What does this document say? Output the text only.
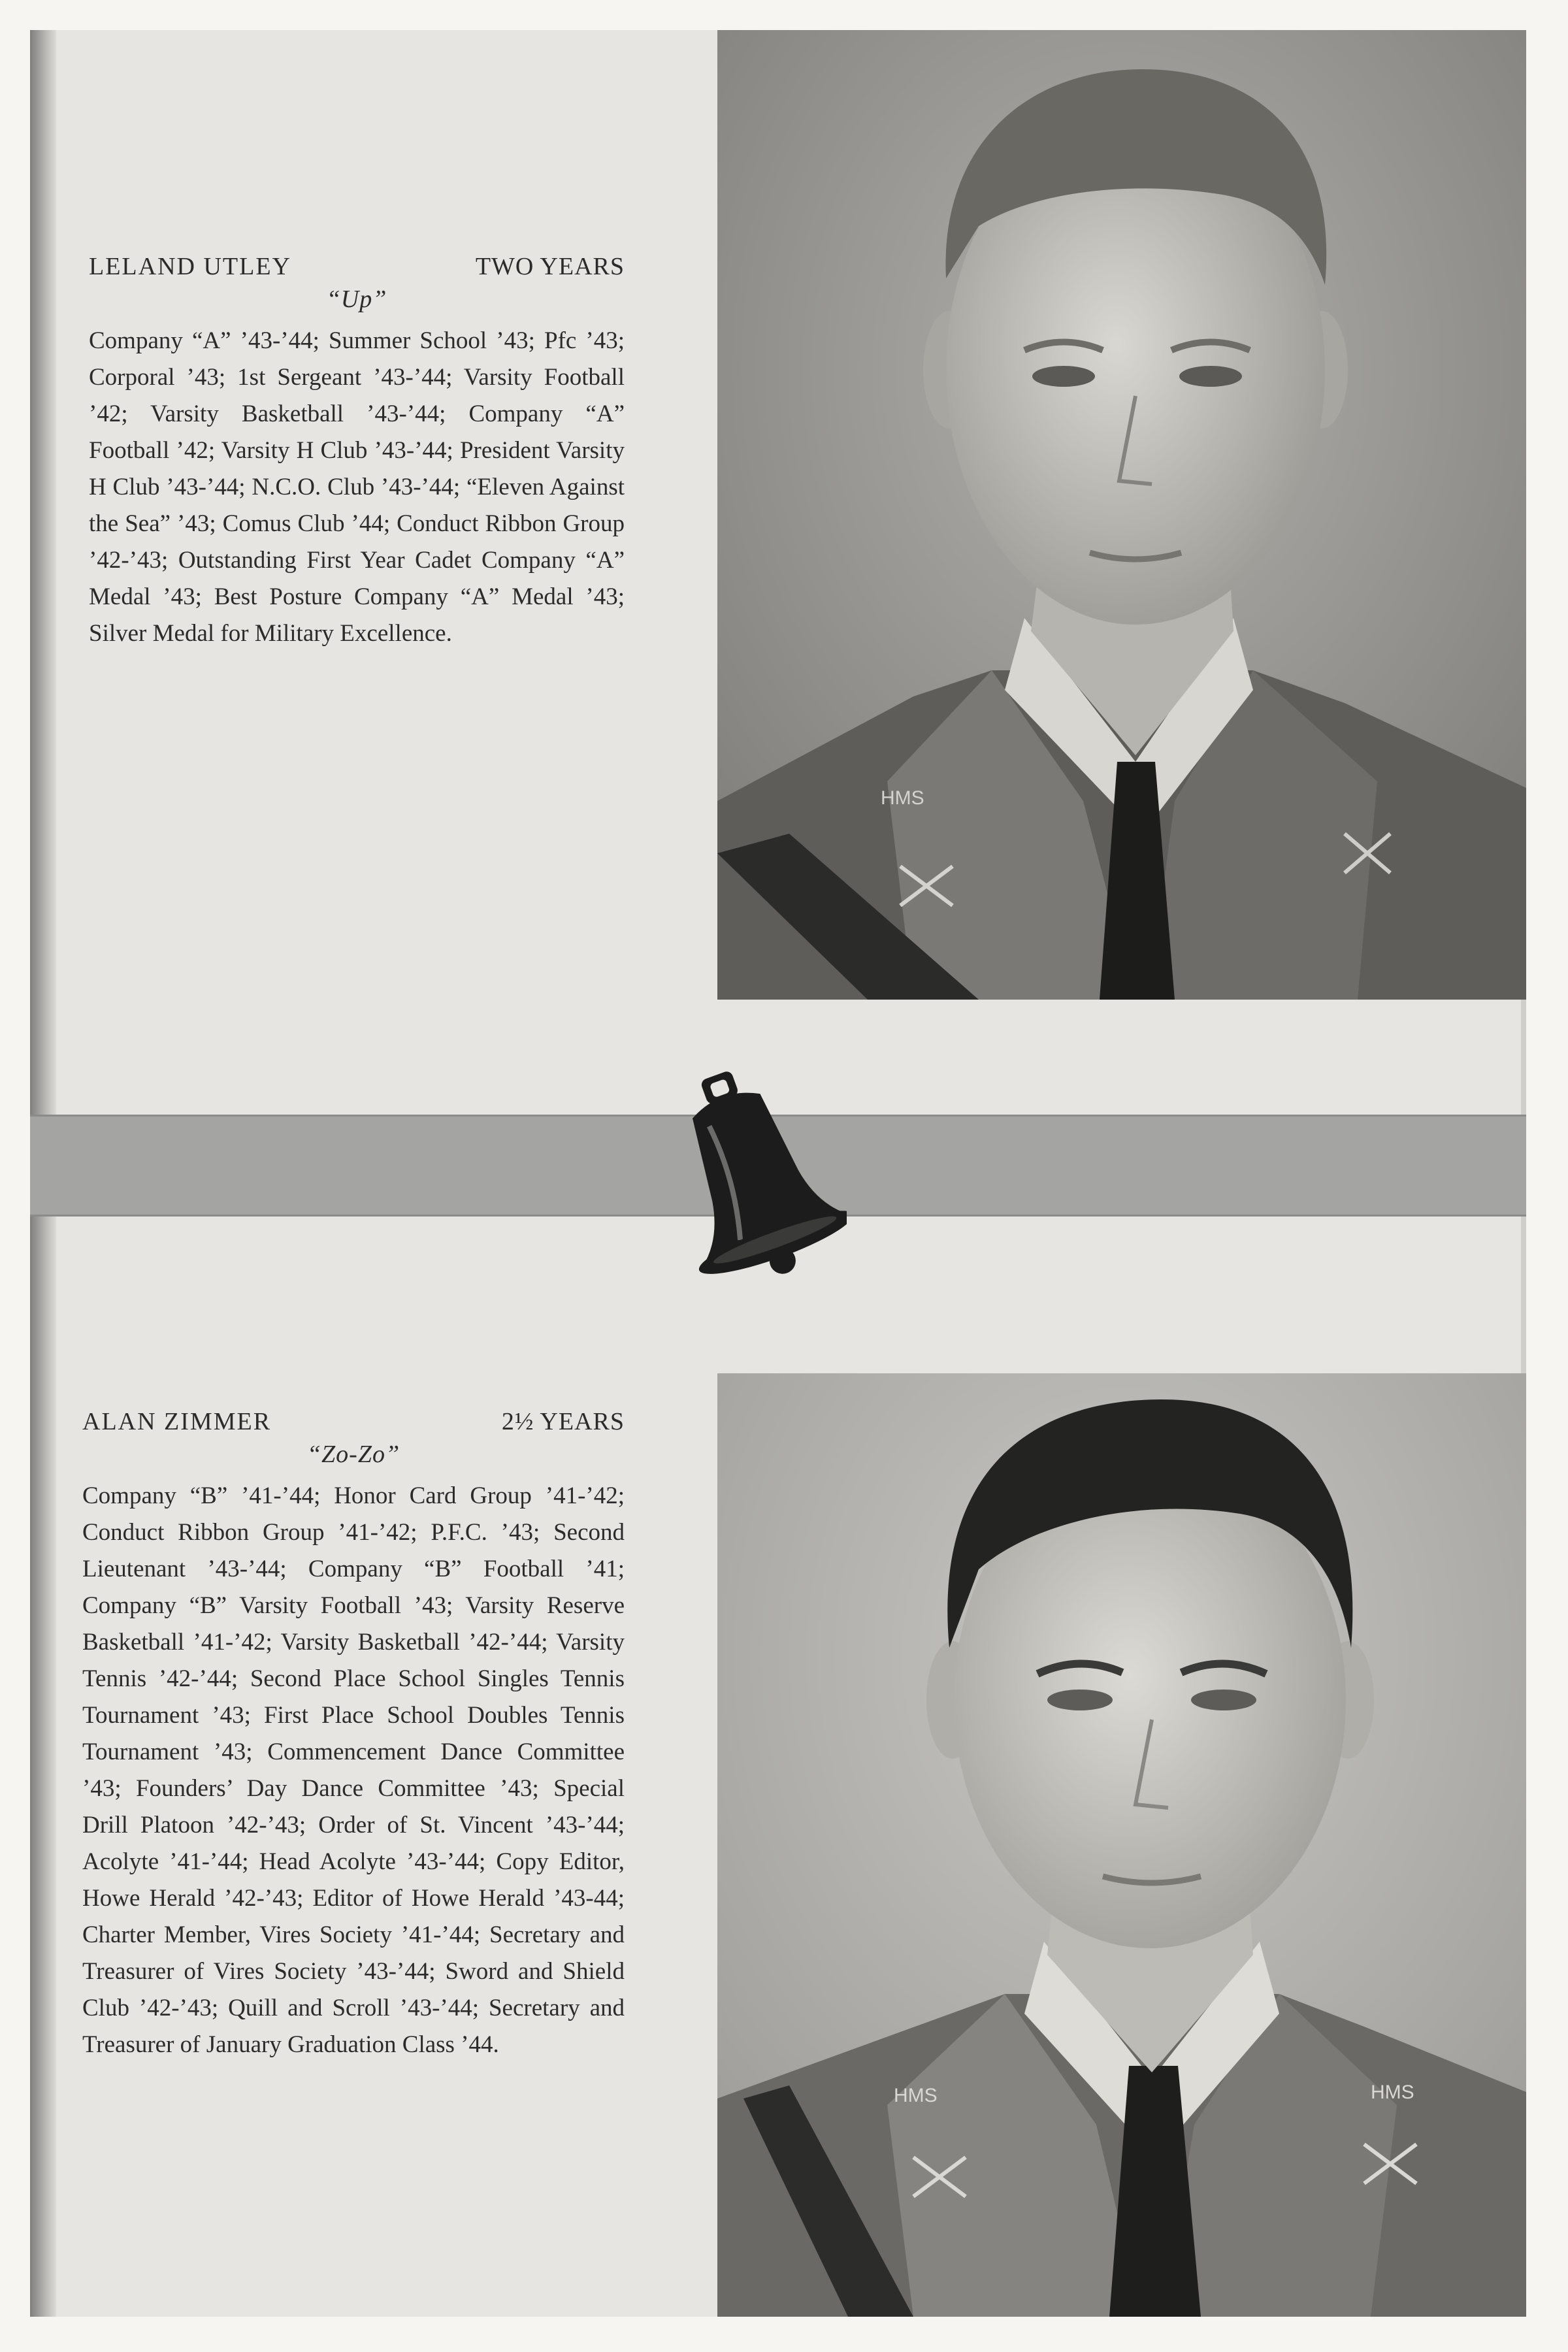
LELAND UTLEY	TWO YEARS
“Up”

Company “A” ’43-’44; Summer School ’43; Pfc ’43; Corporal ’43; 1st Sergeant ’43-’44; Varsity Football ’42; Varsity Basketball ’43-’44; Company “A” Football ’42; Varsity H Club ’43-’44; President Varsity H Club ’43-’44; N.C.O. Club ’43-’44; “Eleven Against the Sea” ’43; Comus Club ’44; Conduct Ribbon Group ’42-’43; Outstanding First Year Cadet Company “A” Medal ’43; Best Posture Company “A” Medal ’43; Silver Medal for Military Excellence.

HMS
ALAN ZIMMER	2½ YEARS
“Zo-Zo”

Company “B” ’41-’44; Honor Card Group ’41-’42; Conduct Ribbon Group ’41-’42; P.F.C. ’43; Second Lieutenant ’43-’44; Company “B” Football ’41; Company “B” Varsity Football ’43; Varsity Reserve Basketball ’41-’42; Varsity Basketball ’42-’44; Varsity Tennis ’42-’44; Second Place School Singles Tennis Tournament ’43; First Place School Doubles Tennis Tournament ’43; Commencement Dance Committee ’43; Founders’ Day Dance Committee ’43; Special Drill Platoon ’42-’43; Order of St. Vincent ’43-’44; Acolyte ’41-’44; Head Acolyte ’43-’44; Copy Editor, Howe Herald ’42-’43; Editor of Howe Herald ’43-44; Charter Member, Vires Society ’41-’44; Secretary and Treasurer of Vires Society ’43-’44; Sword and Shield Club ’42-’43; Quill and Scroll ’43-’44; Secretary and Treasurer of January Graduation Class ’44.

HMS	HMS
